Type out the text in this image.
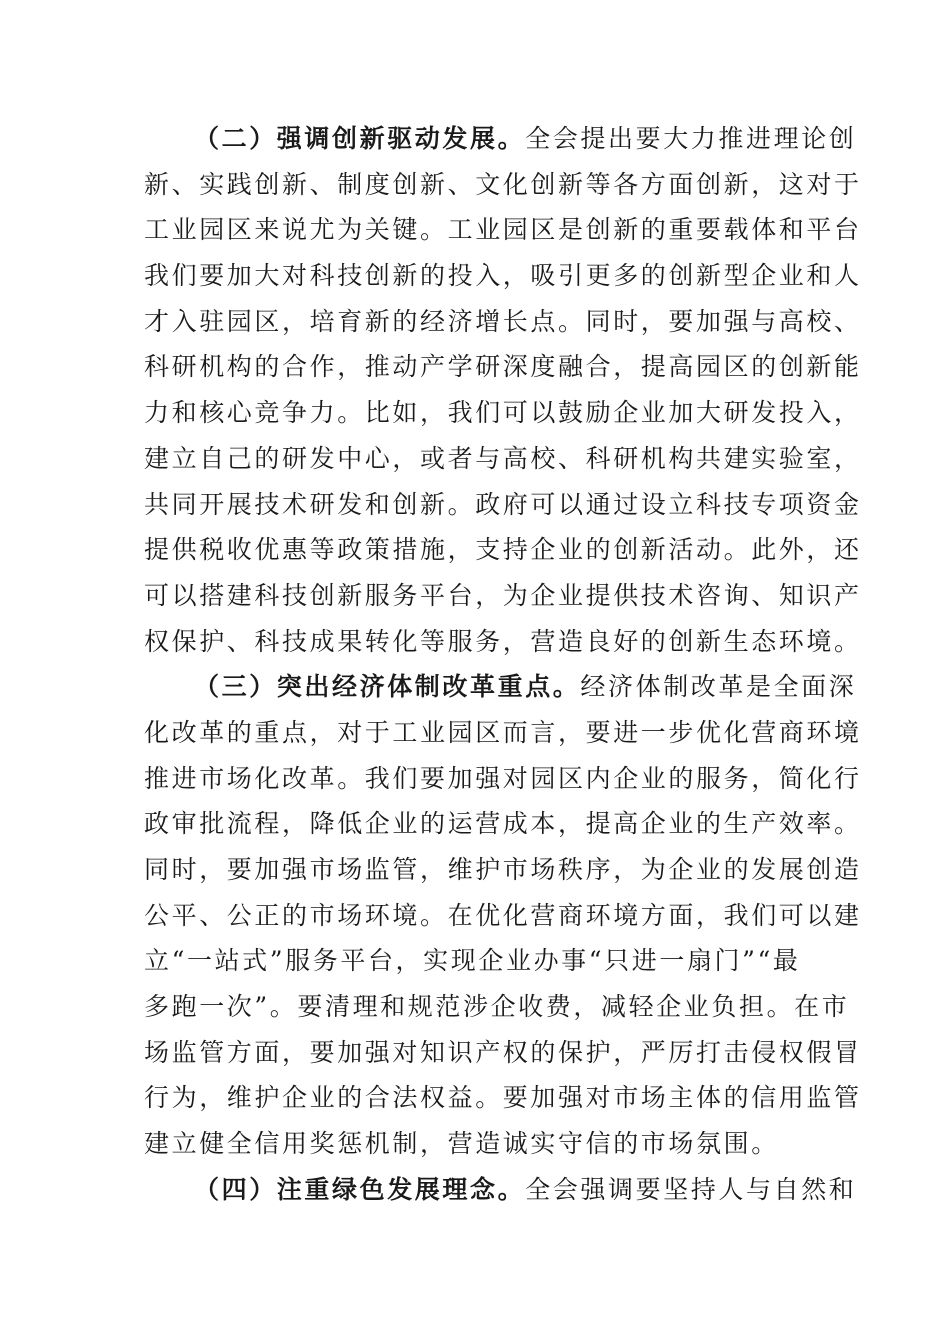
（二）强调创新驱动发展。全会提出要大力推进理论创
新、实践创新、制度创新、文化创新等各方面创新，这对于
工业园区来说尤为关键。工业园区是创新的重要载体和平台
我们要加大对科技创新的投入，吸引更多的创新型企业和人
才入驻园区，培育新的经济增长点。同时，要加强与高校、
科研机构的合作，推动产学研深度融合，提高园区的创新能
力和核心竞争力。比如，我们可以鼓励企业加大研发投入，
建立自己的研发中心，或者与高校、科研机构共建实验室，
共同开展技术研发和创新。政府可以通过设立科技专项资金
提供税收优惠等政策措施，支持企业的创新活动。此外，还
可以搭建科技创新服务平台，为企业提供技术咨询、知识产
权保护、科技成果转化等服务，营造良好的创新生态环境。
（三）突出经济体制改革重点。经济体制改革是全面深
化改革的重点，对于工业园区而言，要进一步优化营商环境
推进市场化改革。我们要加强对园区内企业的服务，简化行
政审批流程，降低企业的运营成本，提高企业的生产效率。
同时，要加强市场监管，维护市场秩序，为企业的发展创造
公平、公正的市场环境。在优化营商环境方面，我们可以建
立“一站式”服务平台，实现企业办事“只进一扇门”“最
多跑一次”。要清理和规范涉企收费，减轻企业负担。在市
场监管方面，要加强对知识产权的保护，严厉打击侵权假冒
行为，维护企业的合法权益。要加强对市场主体的信用监管
建立健全信用奖惩机制，营造诚实守信的市场氛围。
（四）注重绿色发展理念。全会强调要坚持人与自然和
